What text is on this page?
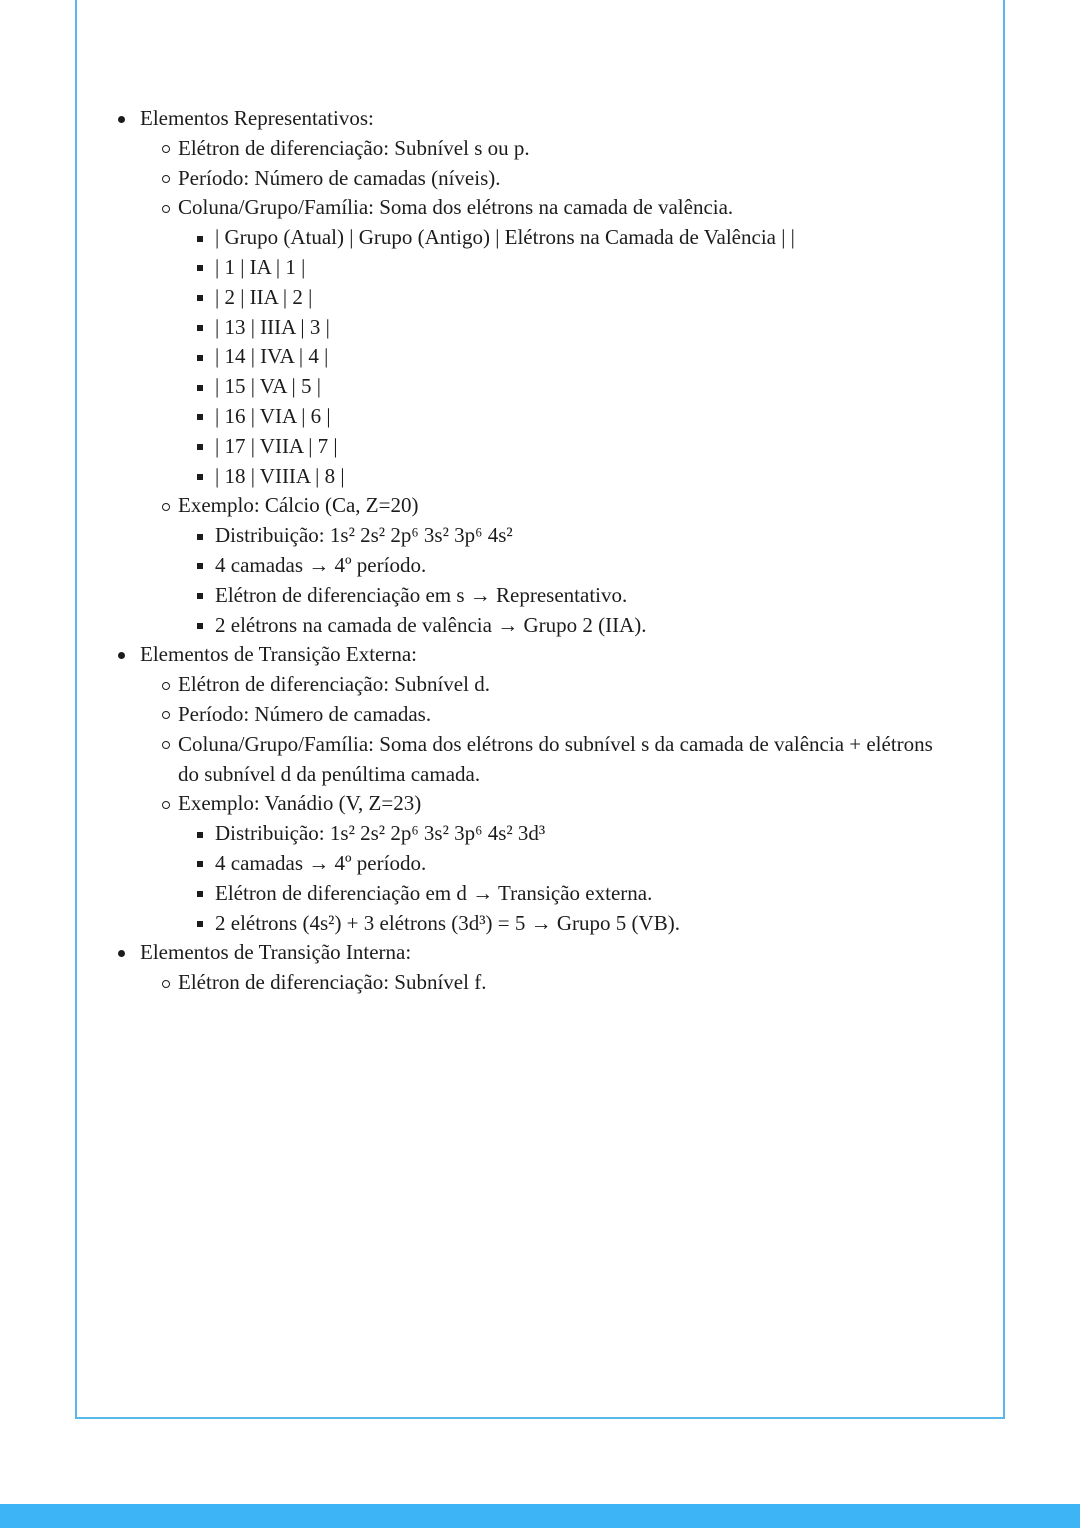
Elementos Representativos:
Elétron de diferenciação: Subnível s ou p.
Período: Número de camadas (níveis).
Coluna/Grupo/Família: Soma dos elétrons na camada de valência.
| Grupo (Atual) | Grupo (Antigo) | Elétrons na Camada de Valência | |
| 1 | IA | 1 |
| 2 | IIA | 2 |
| 13 | IIIA | 3 |
| 14 | IVA | 4 |
| 15 | VA | 5 |
| 16 | VIA | 6 |
| 17 | VIIA | 7 |
| 18 | VIIIA | 8 |
Exemplo: Cálcio (Ca, Z=20)
Distribuição: 1s² 2s² 2p⁶ 3s² 3p⁶ 4s²
4 camadas → 4º período.
Elétron de diferenciação em s → Representativo.
2 elétrons na camada de valência → Grupo 2 (IIA).
Elementos de Transição Externa:
Elétron de diferenciação: Subnível d.
Período: Número de camadas.
Coluna/Grupo/Família: Soma dos elétrons do subnível s da camada de valência + elétrons do subnível d da penúltima camada.
Exemplo: Vanádio (V, Z=23)
Distribuição: 1s² 2s² 2p⁶ 3s² 3p⁶ 4s² 3d³
4 camadas → 4º período.
Elétron de diferenciação em d → Transição externa.
2 elétrons (4s²) + 3 elétrons (3d³) = 5 → Grupo 5 (VB).
Elementos de Transição Interna:
Elétron de diferenciação: Subnível f.
